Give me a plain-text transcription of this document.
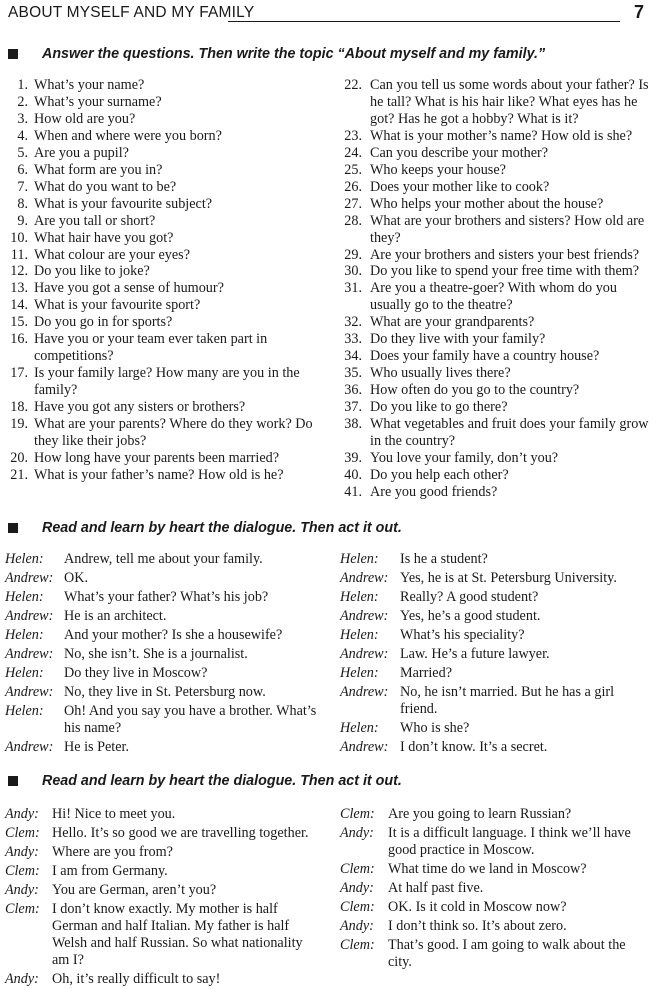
ABOUT MYSELF AND MY FAMILY	7
Answer the questions. Then write the topic “About myself and my family.”
1. What’s your name?
2. What’s your surname?
3. How old are you?
4. When and where were you born?
5. Are you a pupil?
6. What form are you in?
7. What do you want to be?
8. What is your favourite subject?
9. Are you tall or short?
10. What hair have you got?
11. What colour are your eyes?
12. Do you like to joke?
13. Have you got a sense of humour?
14. What is your favourite sport?
15. Do you go in for sports?
16. Have you or your team ever taken part in competitions?
17. Is your family large? How many are you in the family?
18. Have you got any sisters or brothers?
19. What are your parents? Where do they work? Do they like their jobs?
20. How long have your parents been married?
21. What is your father’s name? How old is he?
22. Can you tell us some words about your father? Is he tall? What is his hair like? What eyes has he got? Has he got a hobby? What is it?
23. What is your mother’s name? How old is she?
24. Can you describe your mother?
25. Who keeps your house?
26. Does your mother like to cook?
27. Who helps your mother about the house?
28. What are your brothers and sisters? How old are they?
29. Are your brothers and sisters your best friends?
30. Do you like to spend your free time with them?
31. Are you a theatre-goer? With whom do you usually go to the theatre?
32. What are your grandparents?
33. Do they live with your family?
34. Does your family have a country house?
35. Who usually lives there?
36. How often do you go to the country?
37. Do you like to go there?
38. What vegetables and fruit does your family grow in the country?
39. You love your family, don’t you?
40. Do you help each other?
41. Are you good friends?
Read and learn by heart the dialogue. Then act it out.
Helen: Andrew, tell me about your family.
Andrew: OK.
Helen: What’s your father? What’s his job?
Andrew: He is an architect.
Helen: And your mother? Is she a housewife?
Andrew: No, she isn’t. She is a journalist.
Helen: Do they live in Moscow?
Andrew: No, they live in St. Petersburg now.
Helen: Oh! And you say you have a brother. What’s his name?
Andrew: He is Peter.
Helen: Is he a student?
Andrew: Yes, he is at St. Petersburg University.
Helen: Really? A good student?
Andrew: Yes, he’s a good student.
Helen: What’s his speciality?
Andrew: Law. He’s a future lawyer.
Helen: Married?
Andrew: No, he isn’t married. But he has a girl friend.
Helen: Who is she?
Andrew: I don’t know. It’s a secret.
Read and learn by heart the dialogue. Then act it out.
Andy: Hi! Nice to meet you.
Clem: Hello. It’s so good we are travelling together.
Andy: Where are you from?
Clem: I am from Germany.
Andy: You are German, aren’t you?
Clem: I don’t know exactly. My mother is half German and half Italian. My father is half Welsh and half Russian. So what nationality am I?
Andy: Oh, it’s really difficult to say!
Clem: Are you going to learn Russian?
Andy: It is a difficult language. I think we’ll have good practice in Moscow.
Clem: What time do we land in Moscow?
Andy: At half past five.
Clem: OK. Is it cold in Moscow now?
Andy: I don’t think so. It’s about zero.
Clem: That’s good. I am going to walk about the city.
